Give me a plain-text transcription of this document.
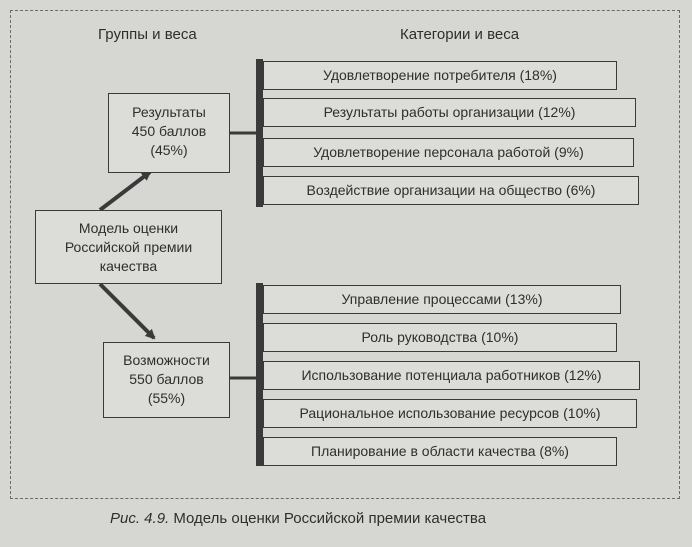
Группы и веса	Категории и веса
Модель оценки
Российской премии
качества
Результаты
450 баллов
(45%)
Возможности
550 баллов
(55%)
Удовлетворение потребителя (18%)
Результаты работы организации (12%)
Удовлетворение персонала работой (9%)
Воздействие организации на общество (6%)
Управление процессами (13%)
Роль руководства (10%)
Использование потенциала работников (12%)
Рациональное использование ресурсов (10%)
Планирование в области качества (8%)
Рис. 4.9. Модель оценки Российской премии качества
